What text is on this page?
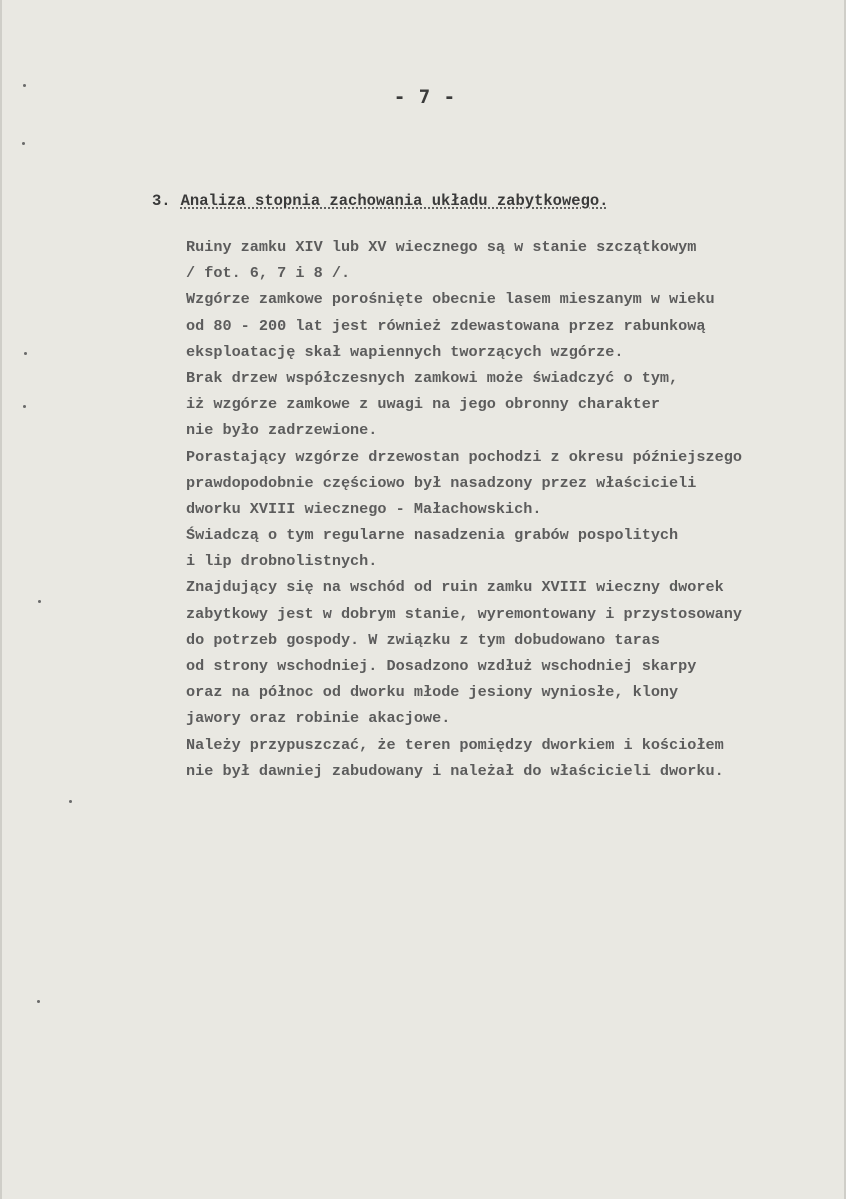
- 7 -
3. Analiza stopnia zachowania układu zabytkowego.
Ruiny zamku XIV lub XV wiecznego są w stanie szczątkowym
/ fot. 6, 7 i 8 /.
Wzgórze zamkowe porośnięte obecnie lasem mieszanym w wieku
od 80 - 200 lat jest również zdewastowana przez rabunkową
eksploatację skał wapiennych tworzących wzgórze.
Brak drzew współczesnych zamkowi może świadczyć o tym,
iż wzgórze zamkowe z uwagi na jego obronny charakter
nie było zadrzewione.
Porastający wzgórze drzewostan pochodzi z okresu późniejszego
prawdopodobnie częściowo był nasadzony przez właścicieli
dworku XVIII wiecznego - Małachowskich.
Świadczą o tym regularne nasadzenia grabów pospolitych
i lip drobnolistnych.
Znajdujący się na wschód od ruin zamku XVIII wieczny dworek
zabytkowy jest w dobrym stanie, wyremontowany i przystosowany
do potrzeb gospody. W związku z tym dobudowano taras
od strony wschodniej. Dosadzono wzdłuż wschodniej skarpy
oraz na północ od dworku młode jesiony wyniosłe, klony
jawory oraz robinie akacjowe.
Należy przypuszczać, że teren pomiędzy dworkiem i kościołem
nie był dawniej zabudowany i należał do właścicieli dworku.
